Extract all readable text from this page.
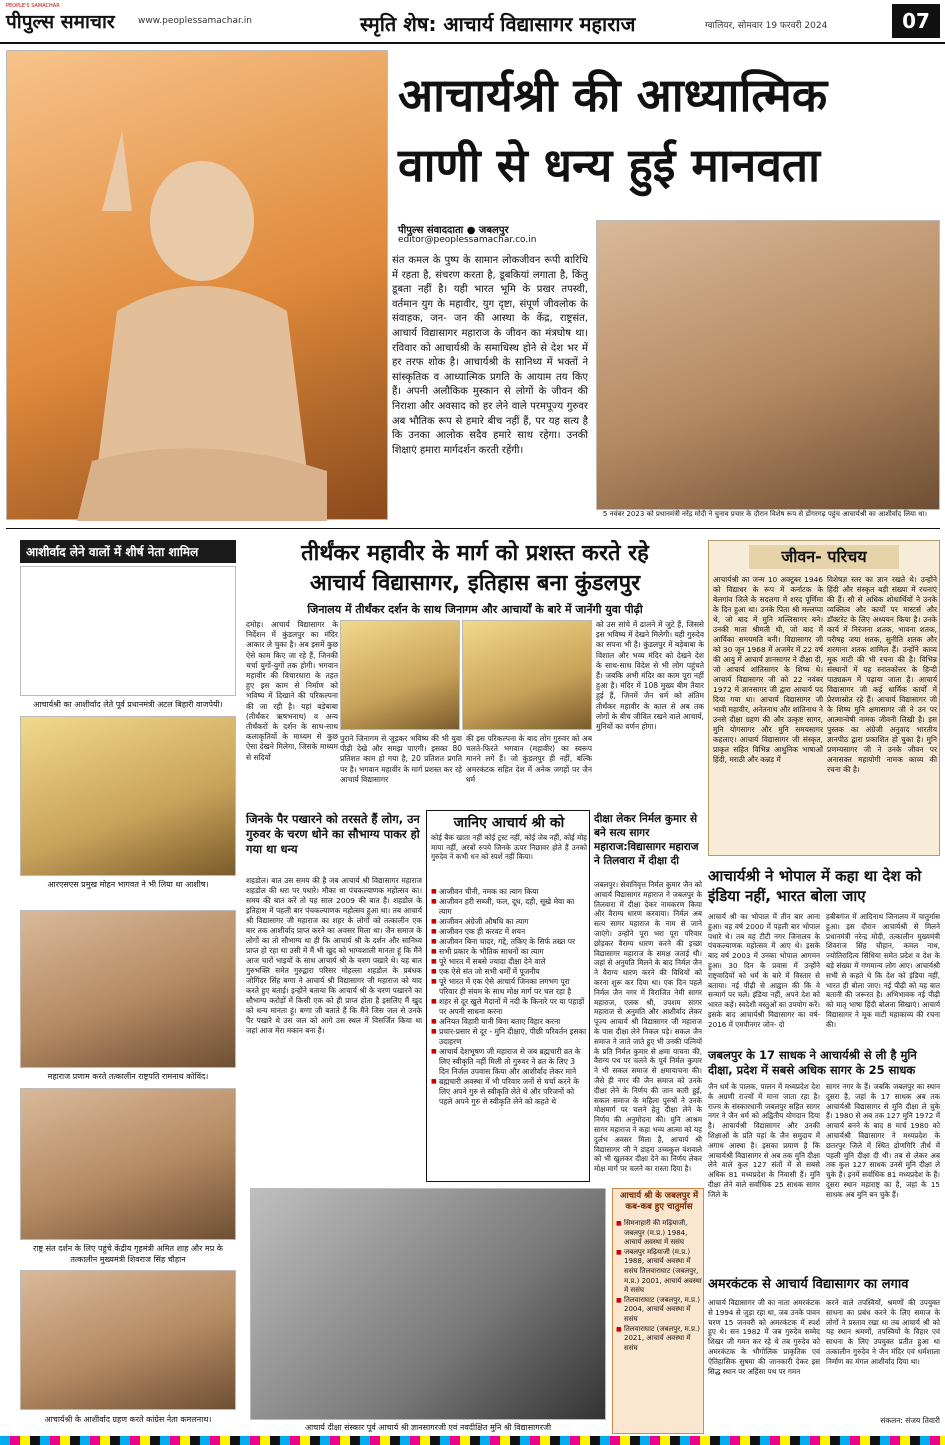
पीपुल्स समाचार
PEOPLE'S SAMACHAR
www.peoplessamachar.in	स्मृति शेष: आचार्य विद्यासागर महाराज	ग्वालियर, सोमवार 19 फरवरी 2024	07
आचार्यश्री की आध्यात्मिक
वाणी से धन्य हुई मानवता
पीपुल्स संवाददाता ● जबलपुर
editor@peoplessamachar.co.in
संत कमल के पुष्प के सामान लोकजीवन रूपी बारिधि में रहता है, संचरण करता है, डूबकियां लगाता है, किंतु डूबता नहीं है। यही भारत भूमि के प्रखर तपस्वी, वर्तमान युग के महावीर, युग दृष्टा, संपूर्ण जीवलोक के संवाहक, जन- जन की आस्था के केंद्र, राष्ट्रसंत, आचार्य विद्यासागर महाराज के जीवन का मंत्रघोष था। रविवार को आचार्यश्री के समाधिस्थ होने से देश भर में हर तरफ शोक है। आचार्यश्री के सानिध्य में भक्तों ने सांस्कृतिक व आध्यात्मिक प्रगति के आयाम तय किए हैं। अपनी अलौकिक मुस्कान से लोगों के जीवन की निराशा और अवसाद को हर लेने वाले परमपूज्य गुरुवर अब भौतिक रूप से हमारे बीच नहीं हैं, पर यह सत्य है कि उनका आलोक सदैव हमारे साथ रहेगा। उनकी शिक्षाएं हमारा मार्गदर्शन करती रहेंगी।
5 नवंबर 2023 को प्रधानमंत्री नरेंद्र मोदी ने चुनाव प्रचार के दौरान विशेष रूप से डोंगरगढ़ पहुंच आचार्यश्री का आशीर्वाद लिया था।
आशीर्वाद लेने वालों में शीर्ष नेता शामिल
आचार्यश्री का आशीर्वाद लेते पूर्व प्रधानमंत्री अटल बिहारी वाजपेयी।
आरएसएस प्रमुख मोहन भागवत ने भी लिया था आशीष।
महाराज प्रणाम करते तत्कालीन राष्ट्रपति रामनाथ कोविंद।
राष्ट्र संत दर्शन के लिए पहुंचे केंद्रीय गृहमंत्री अमित शाह और मप्र के तत्कालीन मुख्यमंत्री शिवराज सिंह चौहान
आचार्यश्री के आशीर्वाद ग्रहण करते कांग्रेस नेता कमलनाथ।
तीर्थंकर महावीर के मार्ग को प्रशस्त करते रहे
आचार्य विद्यासागर, इतिहास बना कुंडलपुर
जिनालय में तीर्थंकर दर्शन के साथ जिनागम और आचार्यों के बारे में जानेंगी युवा पीढ़ी
दमोह। आचार्य विद्यासागर के निर्देशन में कुंडलपुर का मंदिर आकार ले चुका है। अब इसमें कुछ ऐसे काम किए जा रहे हैं, जिनकी चर्चा युगों-युगों तक होगी। भगवान महावीर की विचारधारा के तहत हुए इस काम से निर्माण को भविष्य में दिखाने की परिकल्पना की जा रही है। यहां बड़ेबाबा (तीर्थंकर ऋषभनाथ) व अन्य तीर्थंकरों के दर्शन के साथ-साथ कलाकृतियों के माध्यम से कुछ ऐसा देखने मिलेगा, जिसके माध्यम से सदियों
पुराने जिनागम से जुड़कर भविष्य की भी युवा पीढ़ी देखे और समझ पाएगी। इसका 80 प्रतिशत काम हो गया है, 20 प्रतिशत प्रगति पर है। भगवान महावीर के मार्ग प्रशस्त कर रहे आचार्य विद्यासागर
की इस परिकल्पना के बाद लोग गुरुवर को अब चलते-फिरते भगवान (महावीर) का स्वरूप मानने लगे हैं। जो कुंडलपुर ही नहीं, बल्कि अमरकंटक सहित देश में अनेक जगहों पर जैन धर्म
को उस सांचे में ढालने में जुटे हैं, जिससे इस भविष्य में देखने मिलेगी। यही गुरुदेव का सपना भी है। कुंडलपुर में बड़ेबाबा के विशाल और भव्य मंदिर को देखने देश के साथ-साथ विदेश से भी लोग पहुंचते हैं। जबकि अभी मंदिर का काम पूरा नहीं हुआ है। मंदिर में 108 मुख्य बीम तैयार हुई हैं, जिनमें जैन धर्म को अंतिम तीर्थंकर महावीर के काल से अब तक लोगों के बीच जीवित रखने वाले आचार्य, मुनियों का वर्णन होगा।
जीवन- परिचय
आचार्यश्री का जन्म 10 अक्टूबर 1946 को विद्याधर के रूप में कर्नाटक के बेलगांव जिले के सदलगा में शरद पूर्णिमा के दिन हुआ था। उनके पिता श्री मल्लप्पा थे, जो बाद में मुनि मल्लिसागर बने। उनकी माता श्रीमती थी, जो बाद में आर्यिका समयमति बनी। विद्यासागर जी को 30 जून 1968 में अजमेर में 22 वर्ष की आयु में आचार्य ज्ञानसागर ने दीक्षा दी, जो आचार्य शांतिसागर के शिष्य थे। आचार्य विद्यासागर जी को 22 नवंबर 1972 में ज्ञानसागर जी द्वारा आचार्य पद दिया गया था। आचार्य विद्यासागर जी भावी महावीर, अनेतनाथ और शांतिनाथ ने उनसे दीक्षा ग्रहण की और उत्कृष्ट सागर, मुनि योगसागर और मुनि समयसागर कहलाए। आचार्य विद्यासागर जी संस्कृत, प्राकृत सहित विभिन्न आधुनिक भाषाओं हिंदी, मराठी और कन्नड़ में
विशेषज्ञ स्तर का ज्ञान रखते थे। उन्होंने हिंदी और संस्कृत बड़ी संख्या में रचनाएं की हैं। सौ से अधिक शोधार्थियों ने उनके व्यक्तित्व और कार्यों पर मास्टर्स और डॉक्टरेट के लिए अध्ययन किया है। उनके कार्य में निरंजना शतक, भावना शतक, परीषह जया शतक, सुनीति शतक और शरमाना शतक शामिल हैं। उन्होंने काव्य मूक माटी की भी रचना की है। विभिन्न संस्थानों में यह स्नातकोत्तर के हिन्दी पाठ्यक्रम में पढ़ाया जाता है। आचार्य विद्यासागर जी कई धार्मिक कार्यों में प्रेरणास्रोत रहे हैं। आचार्य विद्यासागर जी के शिष्य मुनि क्षमासागर जी ने उन पर आत्मान्वेषी नामक जीवनी लिखी है। इस पुस्तक का अंग्रेजी अनुवाद भारतीय ज्ञानपीठ द्वारा प्रकाशित हो चुका है। मुनि प्रणम्यसागर जी ने उनके जीवन पर अनासक्त महायोगी नामक काव्य की रचना की है।
जिनके पैर पखारने को तरसते हैं लोग, उन गुरुवर के चरण धोने का सौभाग्य पाकर हो गया था धन्य
शहडोल। बात उस समय की है जब आचार्य श्री विद्यासागर महाराज शहडोल की धरा पर पधारे। मौका था पंचकल्याणक महोत्सव का। समय की बात करें तो यह साल 2009 की बात है। शहडोल के इतिहास में पहली बार पंचकल्याणक महोत्सव हुआ था। तब आचार्य श्री विद्यासागर जी महाराज का शहर के लोगों को तत्कालीन एक बार तक आशीर्वाद प्राप्त करने का अवसर मिला था। जैन समाज के लोगों का तो सौभाग्य था ही कि आचार्य श्री के दर्शन और सानिध्य प्राप्त हो रहा था उसी में मैं भी खुद को भाग्यशाली मानता हूं कि मैंने आज चारों भाइयों के साथ आचार्य श्री के चरण पखारे थे। यह बात गुरुभक्ति समेत गुरुद्वारा परिसर मोहल्ला शहडोल के प्रबंधक जोगिंदर सिंह बग्गा ने आचार्य श्री विद्यासागर जी महाराज को याद करते हुए बताई। इन्होंने बताया कि आचार्य श्री के चरण पखारने का सौभाग्य करोड़ों में किसी एक को ही प्राप्त होता है इसलिए मैं खुद को धन्य मानता हूं। बग्गा जी बताते हैं कि मैंने जिस जल से उनके पैर पखारे थे उस जल को आगे उस स्थल में विसर्जित किया था जहां आज मेरा मकान बना है।
जानिए आचार्य श्री को
कोई बैंक खाता नहीं कोई ट्रस्ट नहीं, कोई जेब नहीं, कोई मोह माया नहीं, अरबों रुपये जिनके ऊपर निछावर होते हैं उनको गुरुदेव ने कभी धन को स्पर्श नहीं किया।
■ आजीवन चीनी, नमक का त्याग किया
■ आजीवन हरी सब्जी, फल, दूध, दही, सूखे मेवा का त्याग
■ आजीवन अंग्रेजी औषधि का त्याग
■ आजीवन एक ही करवट में शयन
■ आजीवन बिना चादर, गद्दे, तकिए के सिर्फ तख्त पर
■ सभी प्रकार के भौतिक साधनों का त्याग
■ पूरे भारत में सबसे ज्यादा दीक्षा देने वाले
■ एक ऐसे संत जो सभी धर्मों में पूजनीय
■ पूरे भारत में एक ऐसे आचार्य जिनका लगभग पूरा परिवार ही संयम के साथ मोक्ष मार्ग पर चल रहा है
■ शहर से दूर खुले मैदानों में नदी के किनारे पर या पहाड़ों पर अपनी साधना करना
■ अनियत विहारी यानी बिना बताए विहार करना
■ प्रचार-प्रसार से दूर - मुनि दीक्षाएं, पीछी परिवर्तन इसका उदाहरण
■ आचार्य देशभूषण जी महाराज से जब ब्रह्मचारी व्रत के लिए स्वीकृति नहीं मिली तो गुरुवर ने व्रत के लिए 3 दिन निर्जल उपवास किया और आशीर्वाद लेकर माने
■ ब्रह्मचारी अवस्था में भी परिवार जनों से चर्चा करने के लिए अपने गुरु से स्वीकृति लेते थे और परिजनों को पहले अपने गुरु से स्वीकृति लेने को कहते थे
दीक्षा लेकर निर्मल कुमार से बने सत्य सागर महाराज:विद्यासागर महाराज ने तिलवारा में दीक्षा दी
जबलपुर। सेवानिवृत्त निर्मल कुमार जैन को आचार्य विद्यासागर महाराज ने जबलपुर के तिलवारा में दीक्षा देकर नामकरण किया और वैराग्य धारण करवाया। निर्मल अब सत्य सागर महाराज के नाम से जाने जाएंगे। उन्होंने पूरा भरा पूरा परिवार छोड़कर वैराग्य धारण करने की इच्छा विद्यासागर महाराज के समक्ष जताई थी। जहां से अनुमति मिलने के बाद निर्मल जैन ने वैराग्य धारण करने की विधियों को करना शुरू कर दिया था। एक दिन पहले निर्मल जैन नगर में विराजित नेमी सागर महाराज, एलक श्री, उपशम सागर महाराज से अनुमति और आशीर्वाद लेकर पूज्य आचार्य श्री विद्यासागर जी महाराज के पास दीक्षा लेने निकल पड़े। सकल जैन समाज ने जाते जाते हुए भी उनकी पत्नियों के प्रति निर्मल कुमार से क्षमा याचना की, वैराग्य पथ पर चलने के पूर्व निर्मल कुमार ने भी सकल समाज से क्षमायाचना की। जैसे ही नगर की जैन समाज को उनके दीक्षा लेने के निर्णय की जान कारी हुई, सकल समाज के महिला पुरुषों ने उनके मोक्षमार्ग पर चलने हेतु दीक्षा लेने के निर्णय की अनुमोदना की। मुनि आश्रम सागर महाराज ने कहा भव्य आत्मा को यह दुर्लभ अवसर मिला है, आचार्य श्री विद्यासागर जी ने डाहरा उच्चकुल वंशवाले को भी खुलकर दीक्षा देने का निर्णय लेकर मोक्ष मार्ग पर चलने का रास्ता दिया है।
आचार्यश्री ने भोपाल में कहा था देश को इंडिया नहीं, भारत बोला जाए
आचार्य श्री का भोपाल में तीन बार आना हुआ। वह वर्ष 2000 में पहली बार भोपाल पधारे थे। तब वह टीटी नगर जिनालय के पंचकल्याणक महोत्सव में आए थे। इसके बाद वर्ष 2003 में उनका भोपाल आगमन हुआ। 30 दिन के प्रवास में उन्होंने राष्ट्रवादियों को धर्म के बारे में विस्तार से बताया। नई पीढ़ी से आह्वान की कि वे सन्मार्ग पर चलें। इंडिया नहीं, अपने देश को भारत कहें। स्वदेशी वस्तुओं का उपयोग करें। इसके बाद आचार्यश्री विद्यासागर का वर्ष- 2016 में एमपीनगर जोन- दो
हबीबगंज में आदिनाथ जिनालय में चातुर्मास हुआ। इस दौरान आचार्यश्री से मिलने प्रधानमंत्री नरेन्द्र मोदी, तत्कालीन मुख्यमंत्री शिवराज सिंह चौहान, कमल नाथ, ज्योतिरादित्य सिंधिया समेत प्रदेश व देश के बड़े संख्या में गणमान्य लोग आए। आचार्यश्री सभी से कहते थे कि देश को इंडिया नहीं, भारत ही बोला जाए। नई पीढ़ी को यह बात बतानी की जरूरत है। अभिभावक नई पीढ़ी को मातृ भाषा हिंदी बोलना सिखाएं। आचार्य विद्यासागर ने मूक माटी महाकाव्य की रचना की।
जबलपुर के 17 साधक ने आचार्यश्री से ली है मुनि दीक्षा, प्रदेश में सबसे अधिक सागर के 25 साधक
जैन धर्म के पालक, पालन में मध्यप्रदेश देश के अग्रणी राज्यों में माना जाता रहा है। राज्य के संस्कारधानी जबलपुर सहित सागर नगर ने जैन धर्म को अद्वितीय योगदान दिया है। आचार्यश्री विद्यासागर और उनकी शिक्षाओं के प्रति यहां के जैन समुदाय में अगाध आस्था है। इसका प्रमाण है कि आचार्यश्री विद्यासागर से अब तक मुनि दीक्षा लेने वाले कुल 127 संतों में से सबसे अधिक 81 मध्यप्रदेश के निवासी हैं। मुनि दीक्षा लेने वाले सर्वाधिक 25 साधक सागर जिले के
सागर नगर के हैं। जबकि जबलपुर का स्थान दूसरा है, जहां के 17 साधक अब तक आचार्यश्री विद्यासागर से मुनि दीक्षा ले चुके हैं। 1980 से अब तक 127 मुनि 1972 में आचार्य बनने के बाद 8 मार्च 1980 को आचार्यश्री विद्यासागर ने मध्यप्रदेश के छतरपुर जिले में स्थित द्रोणगिरि तीर्थ में पहली मुनि दीक्षा दी थी। तब से लेकर अब तक कुल 127 साधक उनसे मुनि दीक्षा ले चुके हैं। इनमें सर्वाधिक 81 मध्यप्रदेश के हैं। दूसरा स्थान महाराष्ट्र का है, जहां के 15 साधक अब मुनि बन चुके हैं।
अमरकंटक से आचार्य विद्यासागर का लगाव
आचार्य विद्यासागर जी का नाता अमरकंटक से 1994 से जुड़ा रहा था, जब उनके पावन चरण 15 जनवरी को अमरकंटक में स्पर्श हुए थे। सन 1982 में जब गुरुदेव सम्मेद शिखर जी गमन कर रहे थे तब गुरुदेव को अमरकंटक के भौगोलिक प्राकृतिक एवं ऐतिहासिक सुषमा की जानकारी देकर इस सिद्ध स्थान पर अहिंसा पथ पर गमन
करने वाले तपस्वियों, श्रमणों की उपयुक्त साधना का प्रबंध करने के लिए समाज के लोगों ने प्रस्ताव रखा था तब आचार्य श्री को यह स्थान श्रमणों, तपस्वियों के विहार एवं साधना के लिए उपयुक्त प्रतीत हुआ था तत्कालीन गुरुदेव ने जैन मंदिर एवं धर्मशाला निर्माण का मंगल आशीर्वाद दिया था।
संकलन: संजय तिवारी
आचार्य दीक्षा संस्कार पूर्व आचार्य श्री ज्ञानसागरजी एवं नवदीक्षित मुनि श्री विद्यासागरजी
आचार्य श्री के जबलपुर में कब-कब हुए चातुर्मास
■ सिमनाहारी की मढ़ियाजी, जबलपुर (म.प्र.) 1984, आचार्य अवस्था में ससंघ
■ जबलपुर मढ़ियाजी (म.प्र.) 1988, आचार्य अवस्था में ससंघ तिलवाराघाट (जबलपुर, म.प्र.) 2001, आचार्य अवस्था में ससंघ
■ तिलवाराघाट (जबलपुर, म.प्र.) 2004, आचार्य अवस्था में ससंघ
■ तिलवाराघाट (जबलपुर, म.प्र.) 2021, आचार्य अवस्था में ससंघ
